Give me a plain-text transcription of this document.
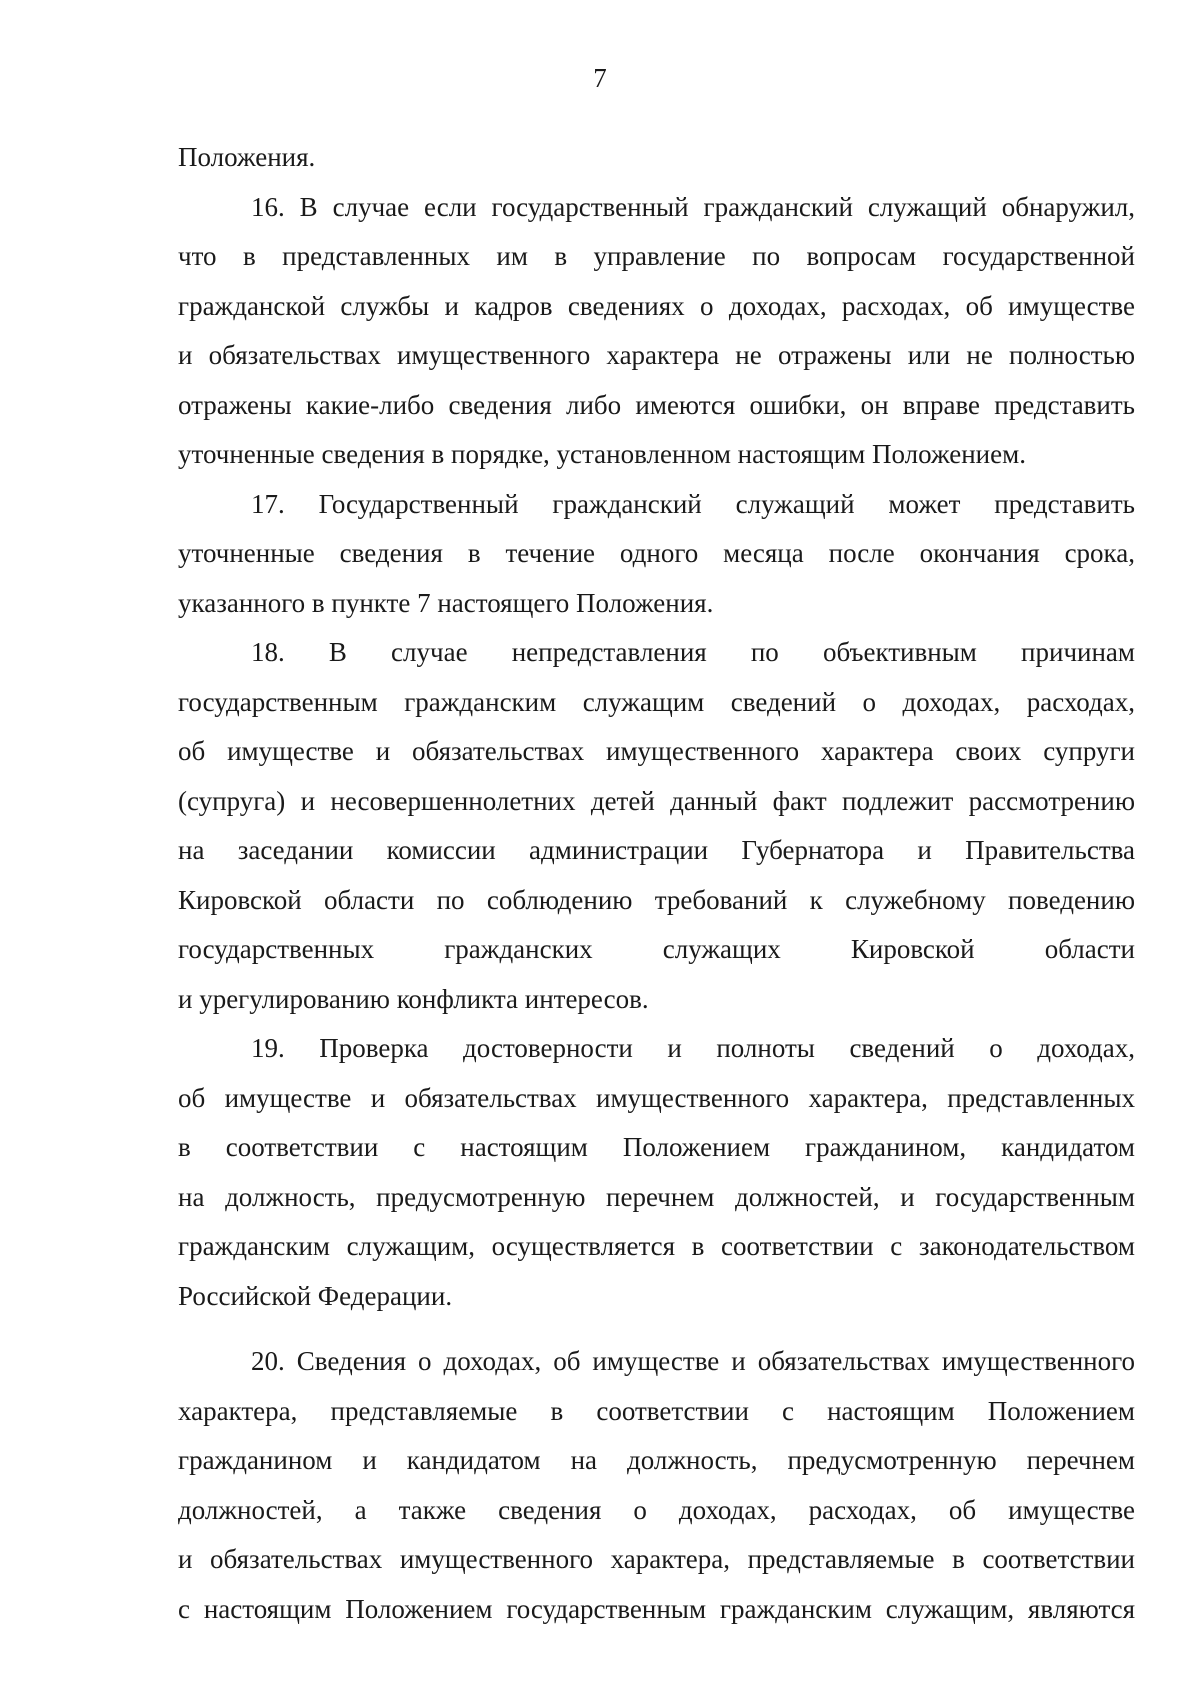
7
Положения.
16. В случае если государственный гражданский служащий обнаружил,
что в представленных им в управление по вопросам государственной
гражданской службы и кадров сведениях о доходах, расходах, об имуществе
и обязательствах имущественного характера не отражены или не полностью
отражены какие-либо сведения либо имеются ошибки, он вправе представить
уточненные сведения в порядке, установленном настоящим Положением.
17. Государственный гражданский служащий может представить
уточненные сведения в течение одного месяца после окончания срока,
указанного в пункте 7 настоящего Положения.
18. В случае непредставления по объективным причинам
государственным гражданским служащим сведений о доходах, расходах,
об имуществе и обязательствах имущественного характера своих супруги
(супруга) и несовершеннолетних детей данный факт подлежит рассмотрению
на заседании комиссии администрации Губернатора и Правительства
Кировской области по соблюдению требований к служебному поведению
государственных гражданских служащих Кировской области
и урегулированию конфликта интересов.
19. Проверка достоверности и полноты сведений о доходах,
об имуществе и обязательствах имущественного характера, представленных
в соответствии с настоящим Положением гражданином, кандидатом
на должность, предусмотренную перечнем должностей, и государственным
гражданским служащим, осуществляется в соответствии с законодательством
Российской Федерации.
20. Сведения о доходах, об имуществе и обязательствах имущественного
характера, представляемые в соответствии с настоящим Положением
гражданином и кандидатом на должность, предусмотренную перечнем
должностей, а также сведения о доходах, расходах, об имуществе
и обязательствах имущественного характера, представляемые в соответствии
с настоящим Положением государственным гражданским служащим, являются
